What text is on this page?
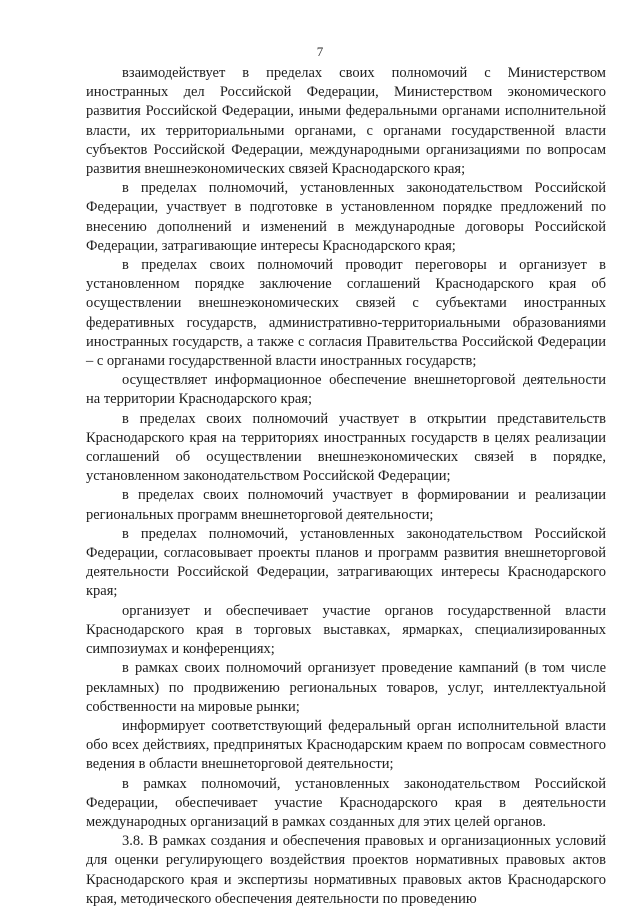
7

взаимодействует в пределах своих полномочий с Министерством иностранных дел Российской Федерации, Министерством экономического развития Российской Федерации, иными федеральными органами исполнительной власти, их территориальными органами, с органами государственной власти субъектов Российской Федерации, международными организациями по вопросам развития внешнеэкономических связей Краснодарского края;

в пределах полномочий, установленных законодательством Российской Федерации, участвует в подготовке в установленном порядке предложений по внесению дополнений и изменений в международные договоры Российской Федерации, затрагивающие интересы Краснодарского края;

в пределах своих полномочий проводит переговоры и организует в установленном порядке заключение соглашений Краснодарского края об осуществлении внешнеэкономических связей с субъектами иностранных федеративных государств, административно-территориальными образованиями иностранных государств, а также с согласия Правительства Российской Федерации – с органами государственной власти иностранных государств;

осуществляет информационное обеспечение внешнеторговой деятельности на территории Краснодарского края;

в пределах своих полномочий участвует в открытии представительств Краснодарского края на территориях иностранных государств в целях реализации соглашений об осуществлении внешнеэкономических связей в порядке, установленном законодательством Российской Федерации;

в пределах своих полномочий участвует в формировании и реализации региональных программ внешнеторговой деятельности;

в пределах полномочий, установленных законодательством Российской Федерации, согласовывает проекты планов и программ развития внешнеторговой деятельности Российской Федерации, затрагивающих интересы Краснодарского края;

организует и обеспечивает участие органов государственной власти Краснодарского края в торговых выставках, ярмарках, специализированных симпозиумах и конференциях;

в рамках своих полномочий организует проведение кампаний (в том числе рекламных) по продвижению региональных товаров, услуг, интеллектуальной собственности на мировые рынки;

информирует соответствующий федеральный орган исполнительной власти обо всех действиях, предпринятых Краснодарским краем по вопросам совместного ведения в области внешнеторговой деятельности;

в рамках полномочий, установленных законодательством Российской Федерации, обеспечивает участие Краснодарского края в деятельности международных организаций в рамках созданных для этих целей органов.

3.8. В рамках создания и обеспечения правовых и организационных условий для оценки регулирующего воздействия проектов нормативных правовых актов Краснодарского края и экспертизы нормативных правовых актов Краснодарского края, методического обеспечения деятельности по проведению
